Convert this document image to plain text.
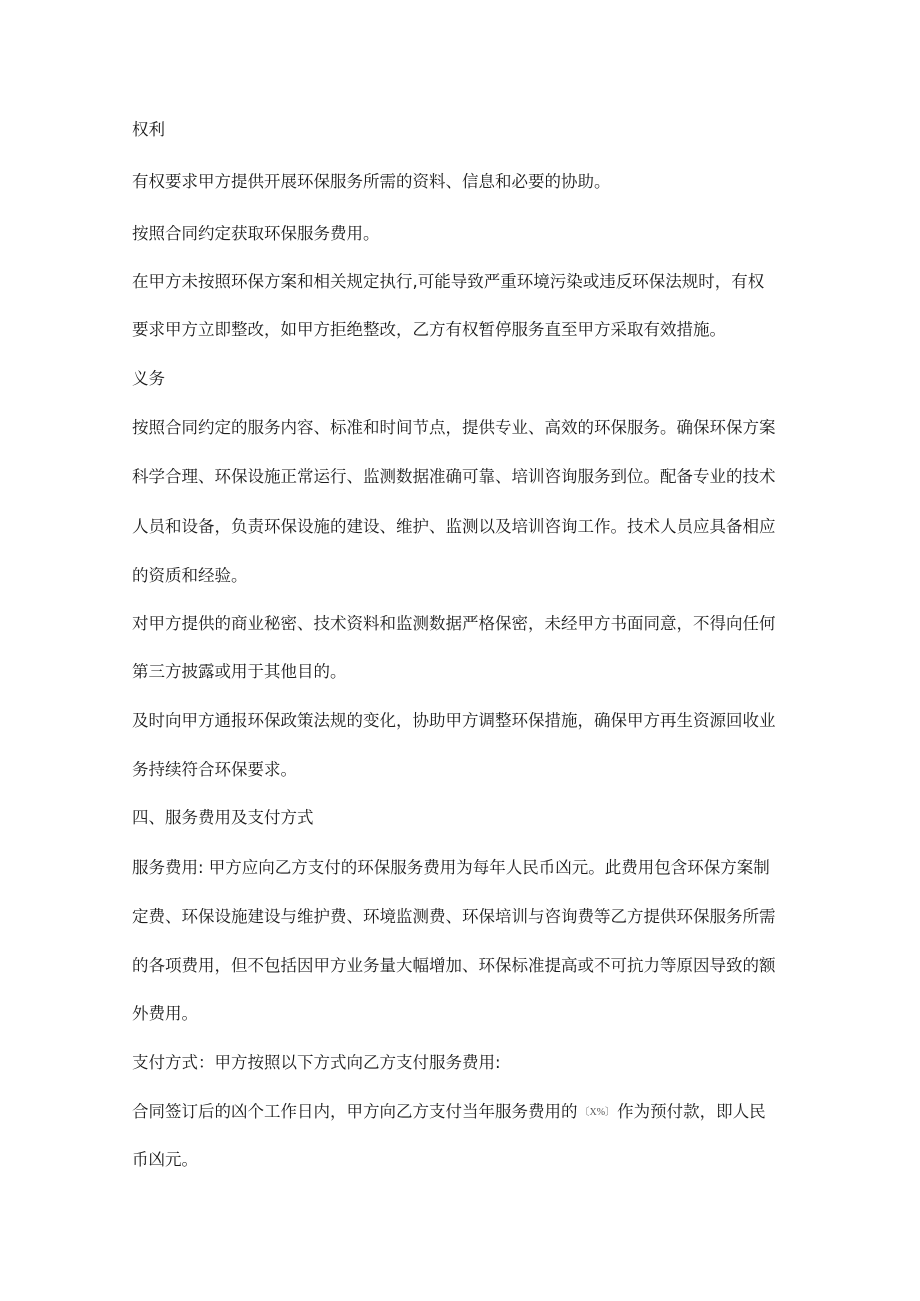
权利
有权要求甲方提供开展环保服务所需的资料、信息和必要的协助。
按照合同约定获取环保服务费用。
在甲方未按照环保方案和相关规定执行,可能导致严重环境污染或违反环保法规时，有权
要求甲方立即整改，如甲方拒绝整改，乙方有权暂停服务直至甲方采取有效措施。
义务
按照合同约定的服务内容、标准和时间节点，提供专业、高效的环保服务。确保环保方案
科学合理、环保设施正常运行、监测数据准确可靠、培训咨询服务到位。配备专业的技术
人员和设备，负责环保设施的建设、维护、监测以及培训咨询工作。技术人员应具备相应
的资质和经验。
对甲方提供的商业秘密、技术资料和监测数据严格保密，未经甲方书面同意，不得向任何
第三方披露或用于其他目的。
及时向甲方通报环保政策法规的变化，协助甲方调整环保措施，确保甲方再生资源回收业
务持续符合环保要求。
四、服务费用及支付方式
服务费用: 甲方应向乙方支付的环保服务费用为每年人民币凶元。此费用包含环保方案制
定费、环保设施建设与维护费、环境监测费、环保培训与咨询费等乙方提供环保服务所需
的各项费用，但不包括因甲方业务量大幅增加、环保标准提高或不可抗力等原因导致的额
外费用。
支付方式：甲方按照以下方式向乙方支付服务费用:
合同签订后的凶个工作日内，甲方向乙方支付当年服务费用的 〔X%〕 作为预付款，即人民
币凶元。
